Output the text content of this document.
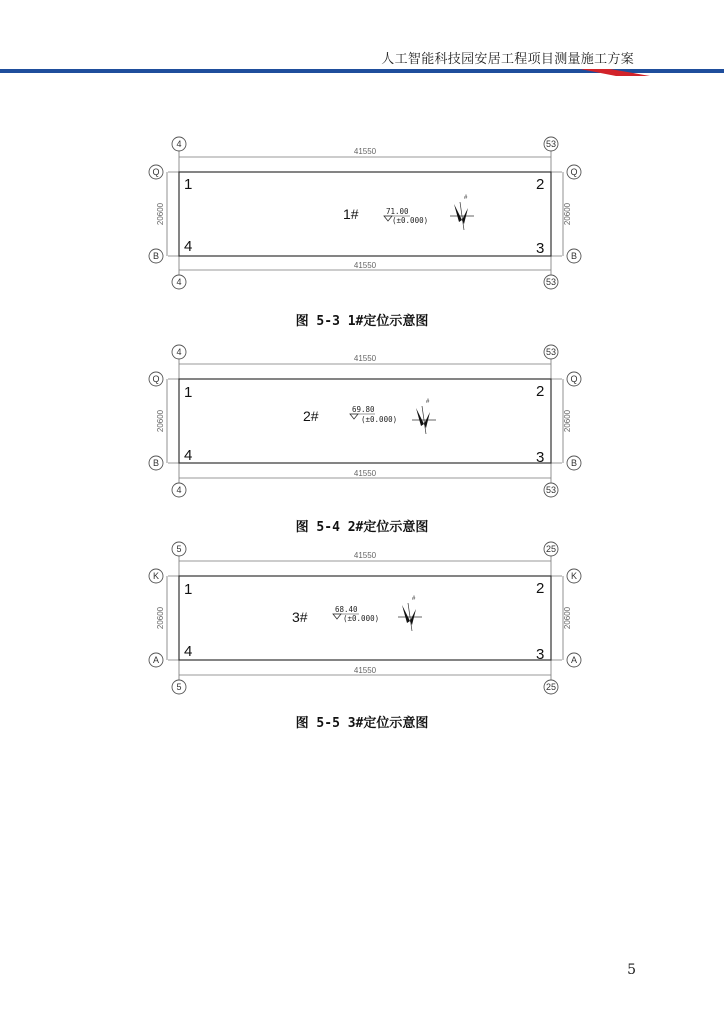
人工智能科技园安居工程项目测量施工方案
4	53
4	53
Q	Q
B	B
41550
41550
20600	20600
1	2
3
4
1#	71.00
(±0.000)
#
图 5-3 1#定位示意图
4	53
4	53
Q	Q
B	B
41550
41550
20600	20600
1	2
3
4
2#	69.80
(±0.000)
#
图 5-4 2#定位示意图
5	25
5	25
K	K
A	A
41550
41550
20600	20600
1	2
3
4
3#	68.40
(±0.000)
#
图 5-5 3#定位示意图
5
